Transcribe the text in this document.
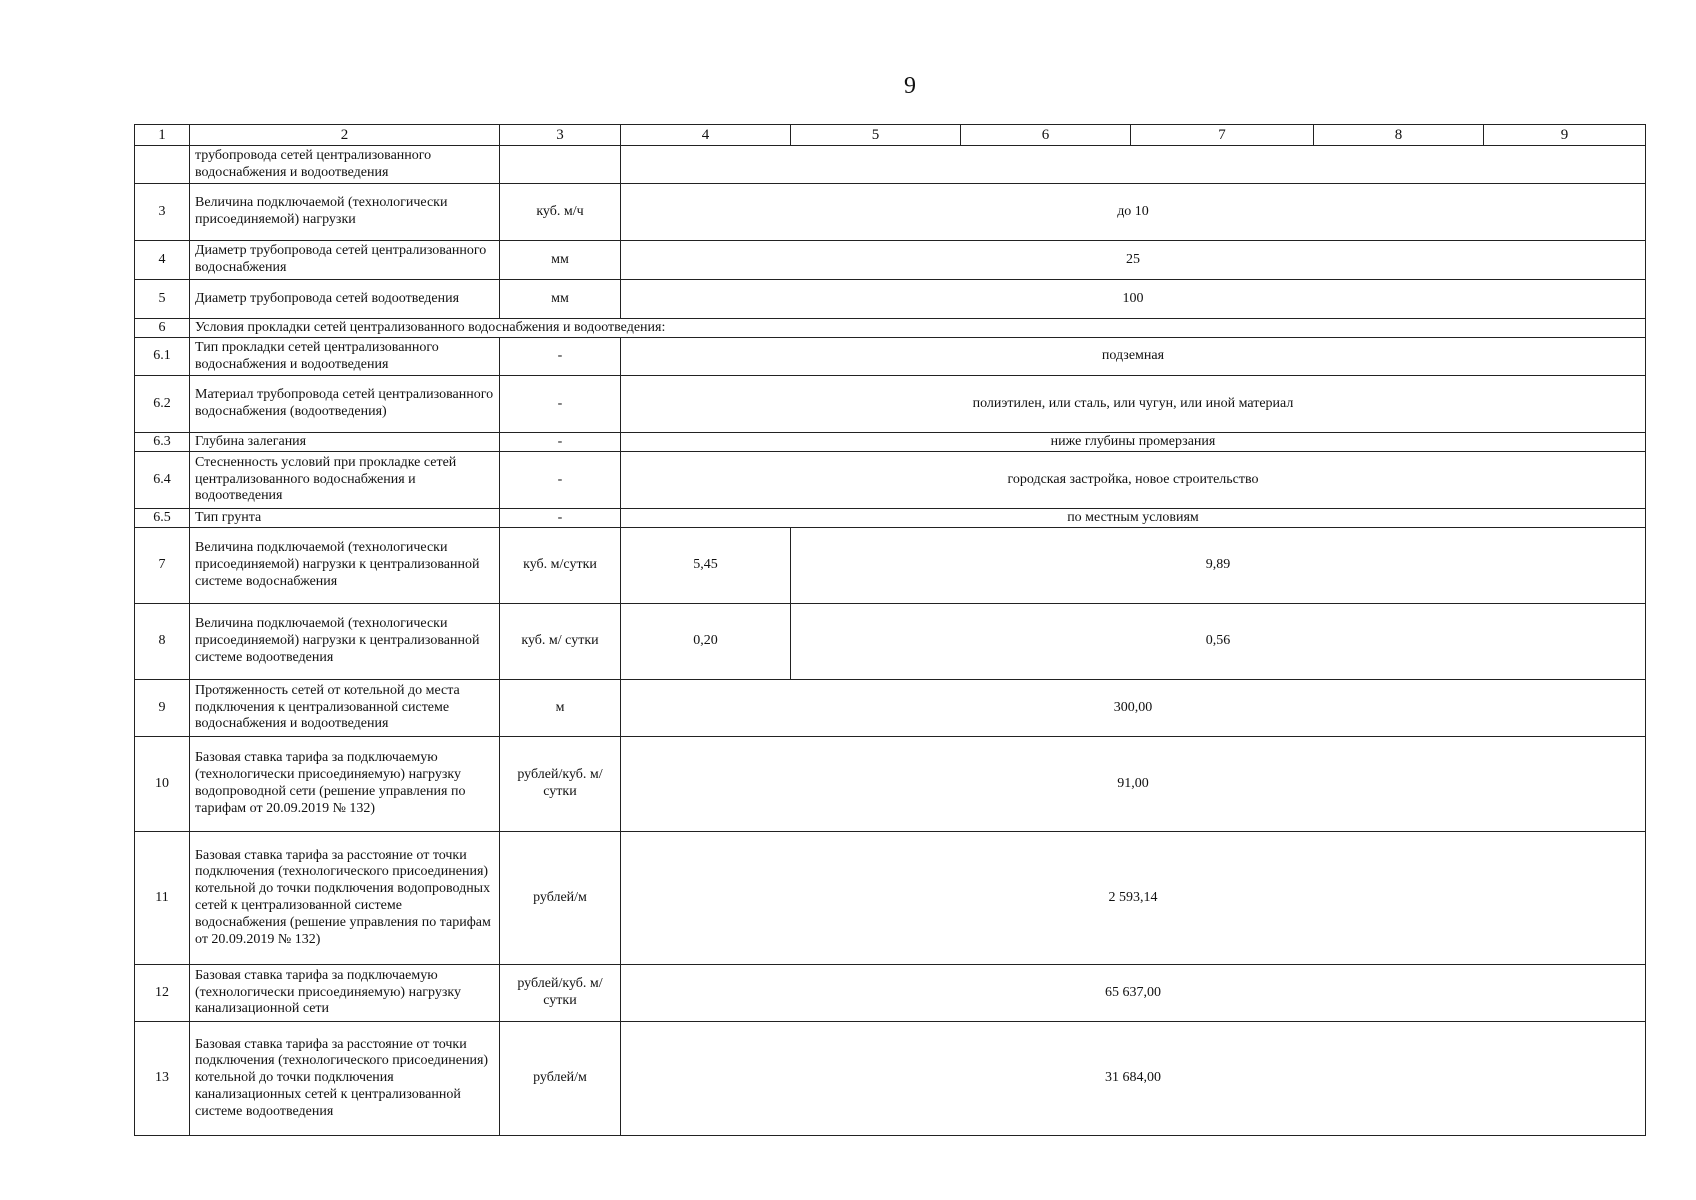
9
1	2	3	4	5	6	7	8	9
	трубопровода сетей централизованного водоснабжения и водоотведения							
3	Величина подключаемой (технологически присоединяемой) нагрузки	куб. м/ч	до 10					
4	Диаметр трубопровода сетей централизованного водоснабжения	мм	25					
5	Диаметр трубопровода сетей водоотведения	мм	100					
6	Условия прокладки сетей централизованного водоснабжения и водоотведения:							
6.1	Тип прокладки сетей централизованного водоснабжения и водоотведения	-	подземная					
6.2	Материал трубопровода сетей централизованного водоснабжения (водоотведения)	-	полиэтилен, или сталь, или чугун, или иной материал					
6.3	Глубина залегания	-	ниже глубины промерзания					
6.4	Стесненность условий при прокладке сетей централизованного водоснабжения и водоотведения	-	городская застройка, новое строительство					
6.5	Тип грунта	-	по местным условиям					
7	Величина подключаемой (технологически присоединяемой) нагрузки к централизованной системе водоснабжения	куб. м/сутки	5,45	9,89				
8	Величина подключаемой (технологически присоединяемой) нагрузки к централизованной системе водоотведения	куб. м/ сутки	0,20	0,56				
9	Протяженность сетей от котельной до места подключения к централизованной системе водоснабжения и водоотведения	м	300,00					
10	Базовая ставка тарифа за подключаемую (технологически присоединяемую) нагрузку водопроводной сети (решение управления по тарифам от 20.09.2019 № 132)	рублей/куб. м/сутки	91,00					
11	Базовая ставка тарифа за расстояние от точки подключения (технологического присоединения) котельной до точки подключения водопроводных сетей к централизованной системе водоснабжения (решение управления по тарифам от 20.09.2019 № 132)	рублей/м	2 593,14					
12	Базовая ставка тарифа за подключаемую (технологически присоединяемую) нагрузку канализационной сети	рублей/куб. м/сутки	65 637,00					
13	Базовая ставка тарифа за расстояние от точки подключения (технологического присоединения) котельной до точки подключения канализационных сетей к централизованной системе водоотведения	рублей/м	31 684,00					
